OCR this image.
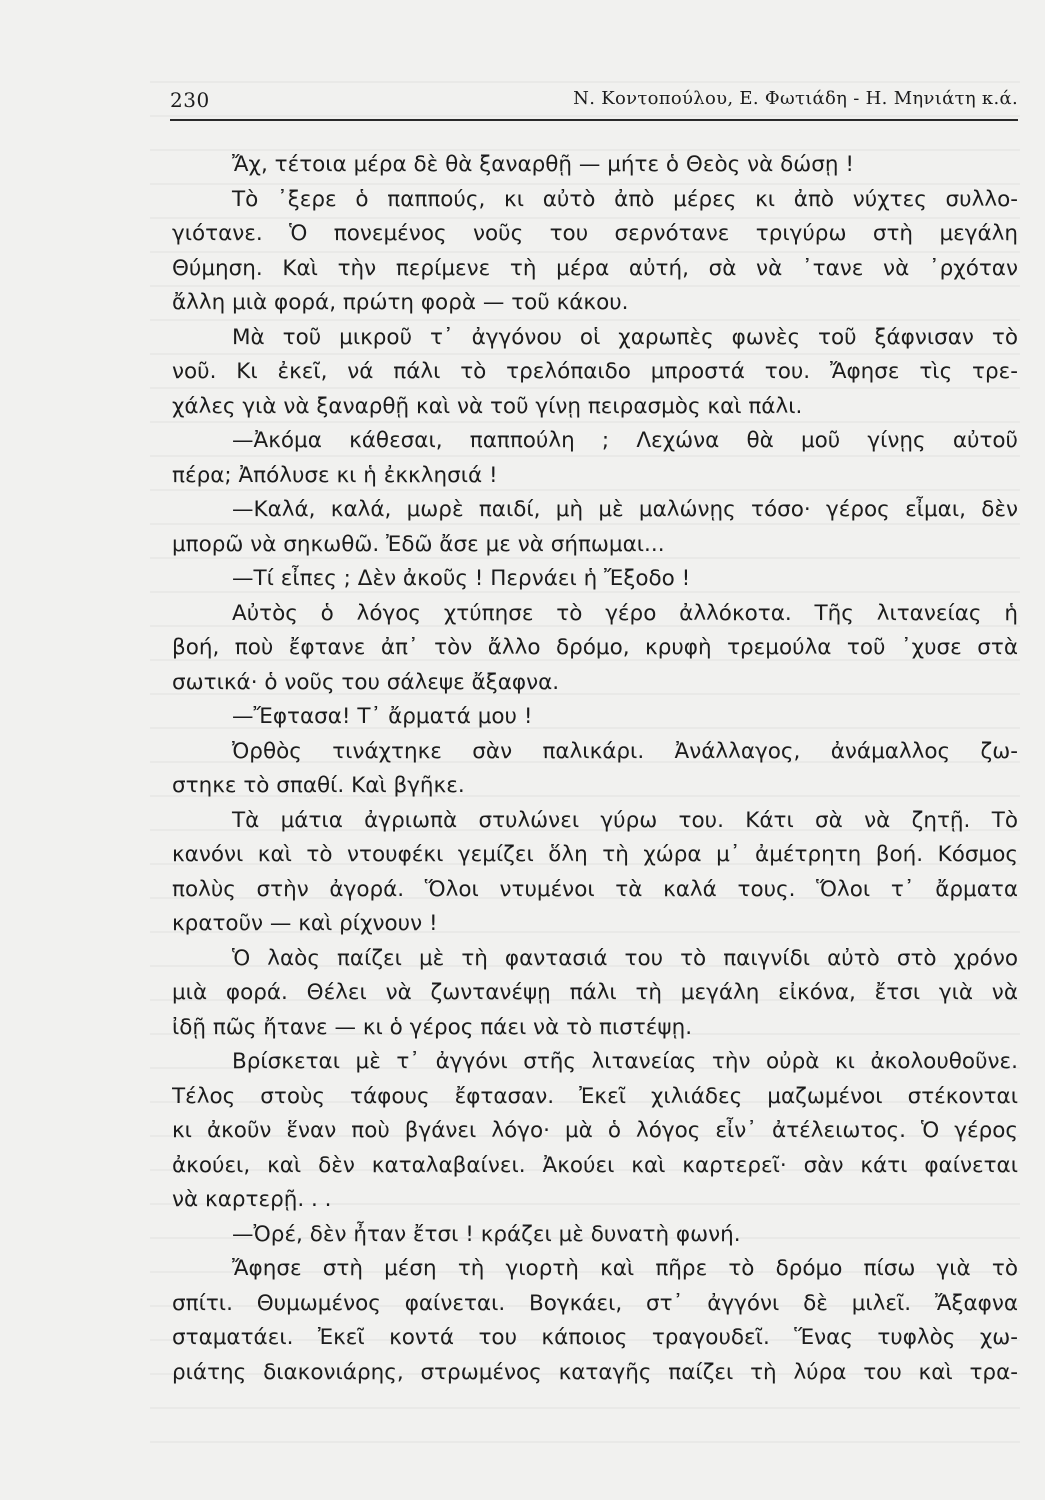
230	Ν. Κοντοπούλου, Ε. Φωτιάδη - Η. Μηνιάτη κ.ά.
Ἄχ, τέτοια μέρα δὲ θὰ ξαναρθῇ — μήτε ὁ Θεὸς νὰ δώσῃ !
Τὸ ᾽ξερε ὁ παππούς, κι αὐτὸ ἀπὸ μέρες κι ἀπὸ νύχτες συλλο-
γιότανε. Ὁ πονεμένος νοῦς του σερνότανε τριγύρω στὴ μεγάλη
Θύμηση. Καὶ τὴν περίμενε τὴ μέρα αὐτή, σὰ νὰ ᾽τανε νὰ ᾽ρχόταν
ἄλλη μιὰ φορά, πρώτη φορὰ — τοῦ κάκου.
Μὰ τοῦ μικροῦ τ᾽ ἀγγόνου οἱ χαρωπὲς φωνὲς τοῦ ξάφνισαν τὸ
νοῦ. Κι ἐκεῖ, νά πάλι τὸ τρελόπαιδο μπροστά του. Ἄφησε τὶς τρε-
χάλες γιὰ νὰ ξαναρθῇ καὶ νὰ τοῦ γίνῃ πειρασμὸς καὶ πάλι.
—Ἀκόμα κάθεσαι, παππούλη ; Λεχώνα θὰ μοῦ γίνῃς αὐτοῦ
πέρα; Ἀπόλυσε κι ἡ ἐκκλησιά !
—Καλά, καλά, μωρὲ παιδί, μὴ μὲ μαλώνῃς τόσο· γέρος εἶμαι, δὲν
μπορῶ νὰ σηκωθῶ. Ἐδῶ ἄσε με νὰ σήπωμαι...
—Τί εἶπες ; Δὲν ἀκοῦς ! Περνάει ἡ Ἔξοδο !
Αὐτὸς ὁ λόγος χτύπησε τὸ γέρο ἀλλόκοτα. Τῆς λιτανείας ἡ
βοή, ποὺ ἔφτανε ἀπ᾽ τὸν ἄλλο δρόμο, κρυφὴ τρεμούλα τοῦ ᾽χυσε στὰ
σωτικά· ὁ νοῦς του σάλεψε ἄξαφνα.
—Ἔφτασα! Τ᾽ ἄρματά μου !
Ὀρθὸς τινάχτηκε σὰν παλικάρι. Ἀνάλλαγος, ἀνάμαλλος ζω-
στηκε τὸ σπαθί. Καὶ βγῆκε.
Τὰ μάτια ἀγριωπὰ στυλώνει γύρω του. Κάτι σὰ νὰ ζητῇ. Τὸ
κανόνι καὶ τὸ ντουφέκι γεμίζει ὅλη τὴ χώρα μ᾽ ἀμέτρητη βοή. Κόσμος
πολὺς στὴν ἀγορά. Ὅλοι ντυμένοι τὰ καλά τους. Ὅλοι τ᾽ ἄρματα
κρατοῦν — καὶ ρίχνουν !
Ὁ λαὸς παίζει μὲ τὴ φαντασιά του τὸ παιγνίδι αὐτὸ στὸ χρόνο
μιὰ φορά. Θέλει νὰ ζωντανέψῃ πάλι τὴ μεγάλη εἰκόνα, ἔτσι γιὰ νὰ
ἰδῇ πῶς ἤτανε — κι ὁ γέρος πάει νὰ τὸ πιστέψῃ.
Βρίσκεται μὲ τ᾽ ἀγγόνι στῆς λιτανείας τὴν οὐρὰ κι ἀκολουθοῦνε.
Τέλος στοὺς τάφους ἔφτασαν. Ἐκεῖ χιλιάδες μαζωμένοι στέκονται
κι ἀκοῦν ἕναν ποὺ βγάνει λόγο· μὰ ὁ λόγος εἶν᾽ ἀτέλειωτος. Ὁ γέρος
ἀκούει, καὶ δὲν καταλαβαίνει. Ἀκούει καὶ καρτερεῖ· σὰν κάτι φαίνεται
νὰ καρτερῇ. . .
—Ὀρέ, δὲν ἦταν ἔτσι ! κράζει μὲ δυνατὴ φωνή.
Ἄφησε στὴ μέση τὴ γιορτὴ καὶ πῆρε τὸ δρόμο πίσω γιὰ τὸ
σπίτι. Θυμωμένος φαίνεται. Βογκάει, στ᾽ ἀγγόνι δὲ μιλεῖ. Ἄξαφνα
σταματάει. Ἐκεῖ κοντά του κάποιος τραγουδεῖ. Ἕνας τυφλὸς χω-
ριάτης διακονιάρης, στρωμένος καταγῆς παίζει τὴ λύρα του καὶ τρα-
